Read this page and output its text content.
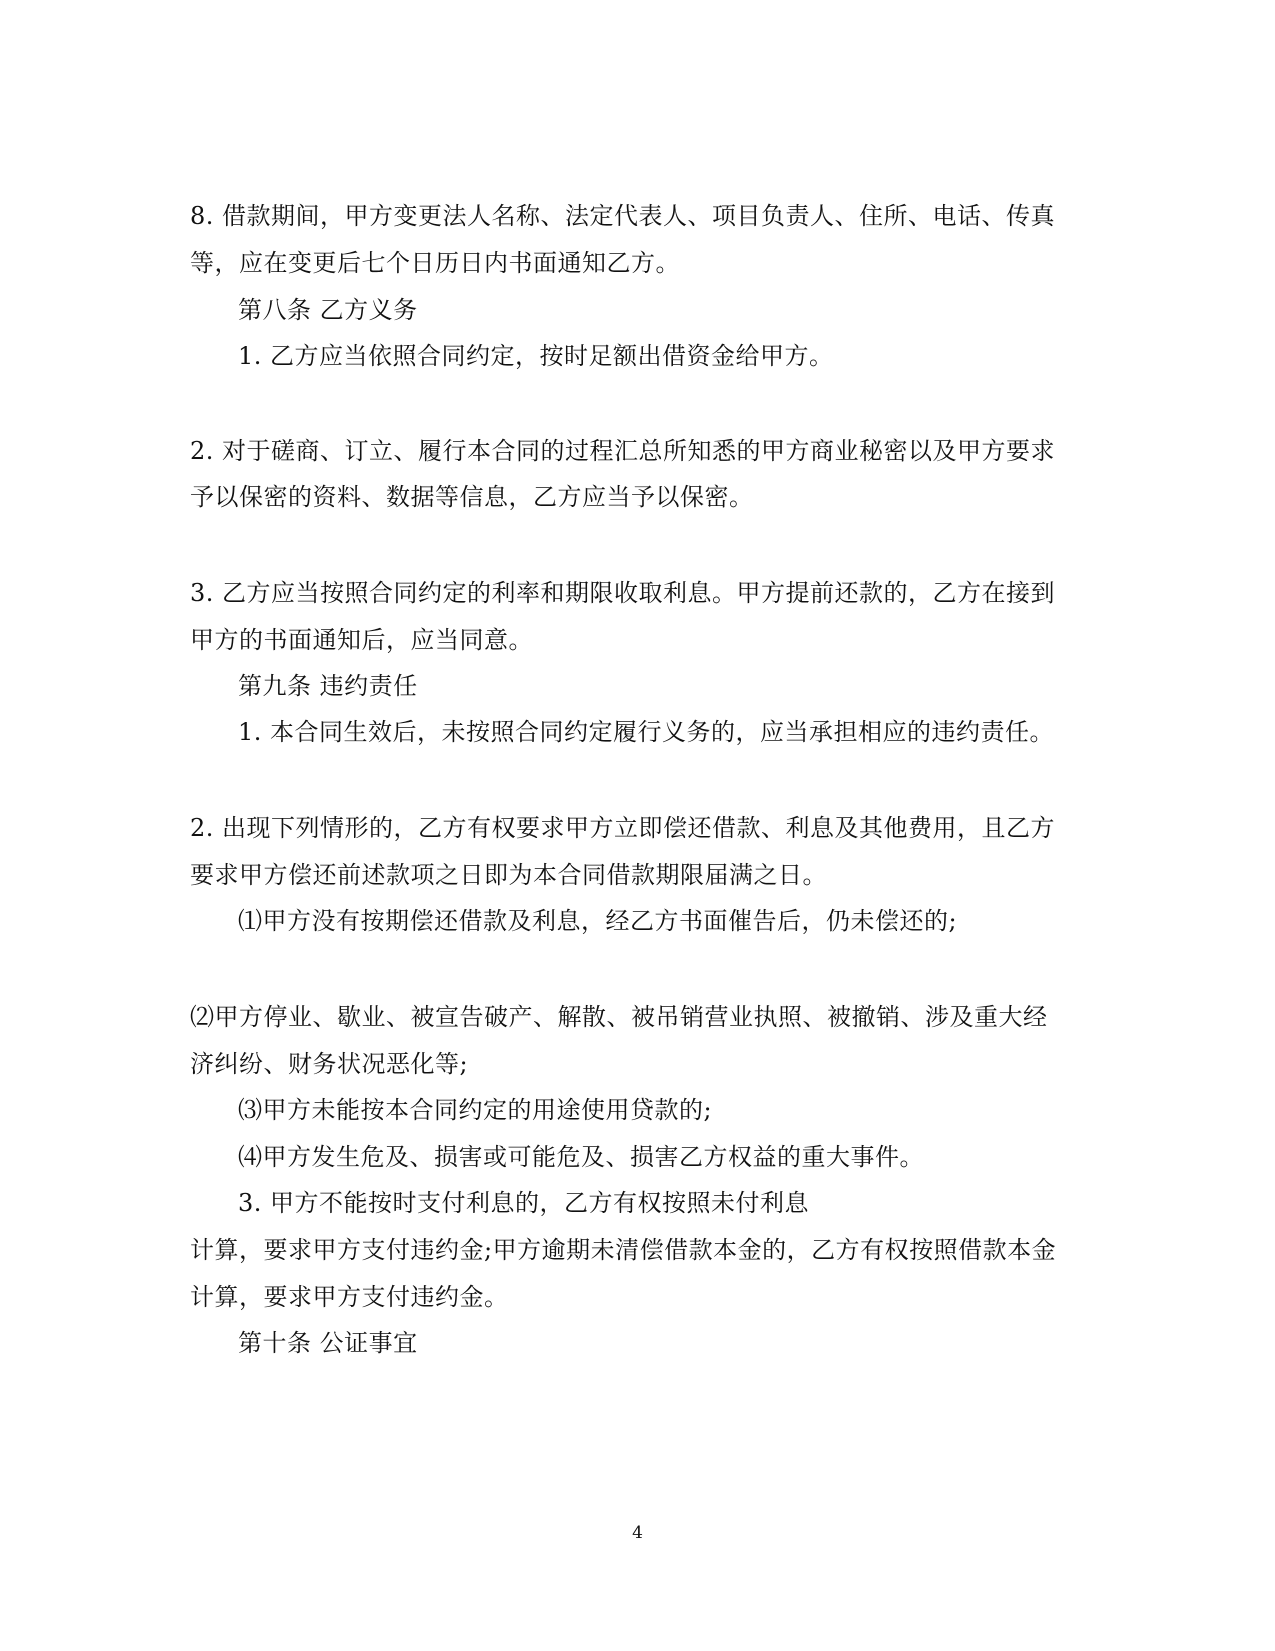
8. 借款期间，甲方变更法人名称、法定代表人、项目负责人、住所、电话、传真
等，应在变更后七个日历日内书面通知乙方。
第八条 乙方义务
1. 乙方应当依照合同约定，按时足额出借资金给甲方。
2. 对于磋商、订立、履行本合同的过程汇总所知悉的甲方商业秘密以及甲方要求
予以保密的资料、数据等信息，乙方应当予以保密。
3. 乙方应当按照合同约定的利率和期限收取利息。甲方提前还款的，乙方在接到
甲方的书面通知后，应当同意。
第九条 违约责任
1. 本合同生效后，未按照合同约定履行义务的，应当承担相应的违约责任。
2. 出现下列情形的，乙方有权要求甲方立即偿还借款、利息及其他费用，且乙方
要求甲方偿还前述款项之日即为本合同借款期限届满之日。
⑴甲方没有按期偿还借款及利息，经乙方书面催告后，仍未偿还的;
⑵甲方停业、歇业、被宣告破产、解散、被吊销营业执照、被撤销、涉及重大经
济纠纷、财务状况恶化等;
⑶甲方未能按本合同约定的用途使用贷款的;
⑷甲方发生危及、损害或可能危及、损害乙方权益的重大事件。
3. 甲方不能按时支付利息的，乙方有权按照未付利息
计算，要求甲方支付违约金;甲方逾期未清偿借款本金的，乙方有权按照借款本金
计算，要求甲方支付违约金。
第十条 公证事宜
4
